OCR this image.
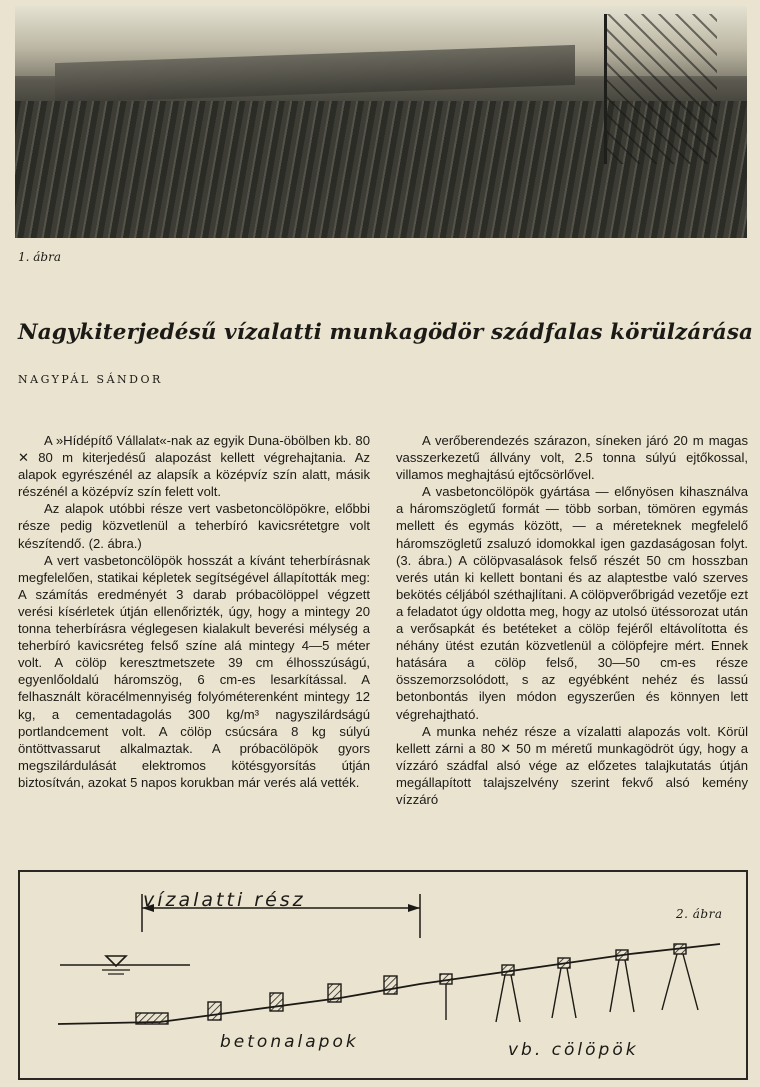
1. ábra
Nagykiterjedésű vízalatti munkagödör szádfalas körülzárása
NAGYPÁL SÁNDOR

A »Hídépítő Vállalat«-nak az egyik Duna-öbölben kb. 80 ✕ 80 m kiterjedésű alapozást kellett végrehajtania. Az alapok egyrészénél az alapsík a középvíz szín alatt, másik részénél a középvíz szín felett volt.

Az alapok utóbbi része vert vasbetoncölöpökre, előbbi része pedig közvetlenül a teherbíró kavicsrétetgre volt készítendő. (2. ábra.)

A vert vasbetoncölöpök hosszát a kívánt teherbírásnak megfelelően, statikai képletek segítségével állapították meg: A számítás eredményét 3 darab próbacölöppel végzett verési kísérletek útján ellenőrizték, úgy, hogy a mintegy 20 tonna teherbírásra véglegesen kialakult beverési mélység a teherbíró kavicsréteg felső színe alá mintegy 4—5 méter volt. A cölöp keresztmetszete 39 cm élhosszúságú, egyenlőoldalú háromszög, 6 cm-es lesarkítással. A felhasznált köracélmennyiség folyóméterenként mintegy 12 kg, a cementadagolás 300 kg/m³ nagyszilárdságú portlandcement volt. A cölöp csúcsára 8 kg súlyú öntöttvassarut alkalmaztak. A próbacölöpök gyors megszilárdulását elektromos kötésgyorsítás útján biztosítván, azokat 5 napos korukban már verés alá vették.

A verőberendezés szárazon, síneken járó 20 m magas vasszerkezetű állvány volt, 2.5 tonna súlyú ejtőkossal, villamos meghajtású ejtőcsörlővel.

A vasbetoncölöpök gyártása — előnyösen kihasználva a háromszögletű formát — több sorban, tömören egymás mellett és egymás között, — a méreteknek megfelelő háromszögletű zsaluzó idomokkal igen gazdaságosan folyt. (3. ábra.) A cölöpvasalások felső részét 50 cm hosszban verés után ki kellett bontani és az alaptestbe való szerves bekötés céljából széthajlítani. A cölöpverőbrigád vezetője ezt a feladatot úgy oldotta meg, hogy az utolsó ütéssorozat után a verősapkát és betéteket a cölöp fejéről eltávolította és néhány ütést ezután közvetlenül a cölöpfejre mért. Ennek hatására a cölöp felső, 30—50 cm-es része összemorzsolódott, s az egyébként nehéz és lassú betonbontás ilyen módon egyszerűen és könnyen lett végrehajtható.

A munka nehéz része a vízalatti alapozás volt. Körül kellett zárni a 80 ✕ 50 m méretű munkagödröt úgy, hogy a vízzáró szádfal alsó vége az előzetes talajkutatás útján megállapított talajszelvény szerint fekvő alsó kemény vízzáró

vízalatti rész
2. ábra
betonalapok	vb. cölöpök
